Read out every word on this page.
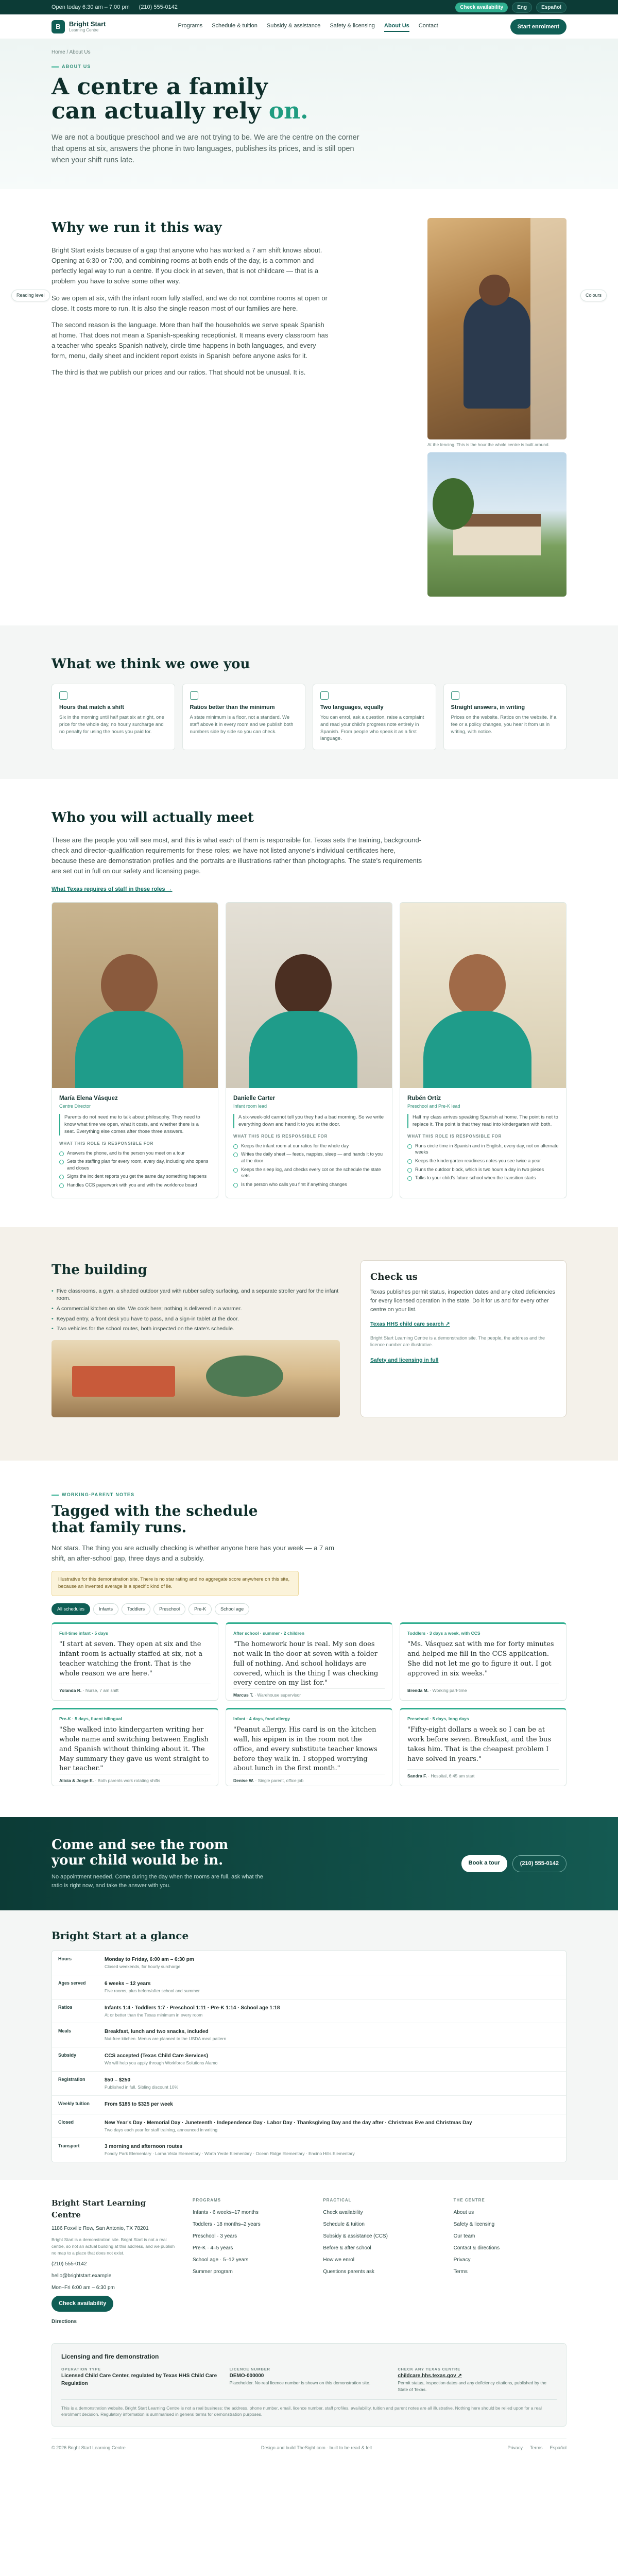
Open today 6:30 am – 7:00 pm (210) 555-0142	Check availability	Eng	Español
B	Bright Start
Learning Centre
Programs Schedule & tuition Subsidy & assistance Safety & licensing About Us Contact	Start enrolment
Home / About Us
ABOUT US
A centre a family
can actually rely on.

We are not a boutique preschool and we are not trying to be. We are the centre on the corner that opens at six, answers the phone in two languages, publishes its prices, and is still open when your shift runs late.

Reading level	Colours
Why we run it this way

Bright Start exists because of a gap that anyone who has worked a 7 am shift knows about. Opening at 6:30 or 7:00, and combining rooms at both ends of the day, is a common and perfectly legal way to run a centre. If you clock in at seven, that is not childcare — that is a problem you have to solve some other way.

So we open at six, with the infant room fully staffed, and we do not combine rooms at open or close. It costs more to run. It is also the single reason most of our families are here.

The second reason is the language. More than half the households we serve speak Spanish at home. That does not mean a Spanish-speaking receptionist. It means every classroom has a teacher who speaks Spanish natively, circle time happens in both languages, and every form, menu, daily sheet and incident report exists in Spanish before anyone asks for it.

The third is that we publish our prices and our ratios. That should not be unusual. It is.

At the fencing. This is the hour the whole centre is built around.
What we think we owe you
Hours that match a shift
Six in the morning until half past six at night, one price for the whole day, no hourly surcharge and no penalty for using the hours you paid for.
Ratios better than the minimum
A state minimum is a floor, not a standard. We staff above it in every room and we publish both numbers side by side so you can check.
Two languages, equally
You can enrol, ask a question, raise a complaint and read your child's progress note entirely in Spanish. From people who speak it as a first language.
Straight answers, in writing
Prices on the website. Ratios on the website. If a fee or a policy changes, you hear it from us in writing, with notice.
Who you will actually meet

These are the people you will see most, and this is what each of them is responsible for. Texas sets the training, background-check and director-qualification requirements for these roles; we have not listed anyone's individual certificates here, because these are demonstration profiles and the portraits are illustrations rather than photographs. The state's requirements are set out in full on our safety and licensing page.

What Texas requires of staff in these roles →
María Elena Vásquez
Centre Director
Parents do not need me to talk about philosophy. They need to know what time we open, what it costs, and whether there is a seat. Everything else comes after those three answers.
WHAT THIS ROLE IS RESPONSIBLE FOR
Answers the phone, and is the person you meet on a tour
Sets the staffing plan for every room, every day, including who opens and closes
Signs the incident reports you get the same day something happens
Handles CCS paperwork with you and with the workforce board
Danielle Carter
Infant room lead
A six-week-old cannot tell you they had a bad morning. So we write everything down and hand it to you at the door.
WHAT THIS ROLE IS RESPONSIBLE FOR
Keeps the infant room at our ratios for the whole day
Writes the daily sheet — feeds, nappies, sleep — and hands it to you at the door
Keeps the sleep log, and checks every cot on the schedule the state sets
Is the person who calls you first if anything changes
Rubén Ortiz
Preschool and Pre-K lead
Half my class arrives speaking Spanish at home. The point is not to replace it. The point is that they read into kindergarten with both.
WHAT THIS ROLE IS RESPONSIBLE FOR
Runs circle time in Spanish and in English, every day, not on alternate weeks
Keeps the kindergarten-readiness notes you see twice a year
Runs the outdoor block, which is two hours a day in two pieces
Talks to your child's future school when the transition starts
The building
• Five classrooms, a gym, a shaded outdoor yard with rubber safety surfacing, and a separate stroller yard for the infant room.
• A commercial kitchen on site. We cook here; nothing is delivered in a warmer.
• Keypad entry, a front desk you have to pass, and a sign-in tablet at the door.
• Two vehicles for the school routes, both inspected on the state's schedule.
Check us

Texas publishes permit status, inspection dates and any cited deficiencies for every licensed operation in the state. Do it for us and for every other centre on your list.

Texas HHS child care search ↗

Bright Start Learning Centre is a demonstration site. The people, the address and the licence number are illustrative.

Safety and licensing in full
WORKING-PARENT NOTES
Tagged with the schedule
that family runs.

Not stars. The thing you are actually checking is whether anyone here has your week — a 7 am shift, an after-school gap, three days and a subsidy.

Illustrative for this demonstration site. There is no star rating and no aggregate score anywhere on this site, because an invented average is a specific kind of lie.
All schedules	Infants	Toddlers	Preschool	Pre-K	School age
Full-time infant · 5 days
"I start at seven. They open at six and the infant room is actually staffed at six, not a teacher watching the front. That is the whole reason we are here."
Yolanda R. · Nurse, 7 am shift
After school · summer · 2 children
"The homework hour is real. My son does not walk in the door at seven with a folder full of nothing. And school holidays are covered, which is the thing I was checking every centre on my list for."
Marcus T. · Warehouse supervisor
Toddlers · 3 days a week, with CCS
"Ms. Vásquez sat with me for forty minutes and helped me fill in the CCS application. She did not let me go to figure it out. I got approved in six weeks."
Brenda M. · Working part-time
Pre-K · 5 days, fluent bilingual
"She walked into kindergarten writing her whole name and switching between English and Spanish without thinking about it. The May summary they gave us went straight to her teacher."
Alicia & Jorge E. · Both parents work rotating shifts
Infant · 4 days, food allergy
"Peanut allergy. His card is on the kitchen wall, his epipen is in the room not the office, and every substitute teacher knows before they walk in. I stopped worrying about lunch in the first month."
Denise W. · Single parent, office job
Preschool · 5 days, long days
"Fifty-eight dollars a week so I can be at work before seven. Breakfast, and the bus takes him. That is the cheapest problem I have solved in years."
Sandra F. · Hospital, 6:45 am start
Come and see the room
your child would be in.

No appointment needed. Come during the day when the rooms are full, ask what the ratio is right now, and take the answer with you.

Book a tour	(210) 555-0142
Bright Start at a glance
Hours	Monday to Friday, 6:00 am – 6:30 pm
Closed weekends, for hourly surcharge
Ages served	6 weeks – 12 years
Five rooms, plus before/after school and summer
Ratios	Infants 1:4 · Toddlers 1:7 · Preschool 1:11 · Pre-K 1:14 · School age 1:18
At or better than the Texas minimum in every room
Meals	Breakfast, lunch and two snacks, included
Nut-free kitchen. Menus are planned to the USDA meal pattern
Subsidy	CCS accepted (Texas Child Care Services)
We will help you apply through Workforce Solutions Alamo
Registration	$50 – $250
Published in full. Sibling discount 10%
Weekly tuition	From $185 to $325 per week
Closed	New Year's Day · Memorial Day · Juneteenth · Independence Day · Labor Day · Thanksgiving Day and the day after · Christmas Eve and Christmas Day
Two days each year for staff training, announced in writing
Transport	3 morning and afternoon routes
Fondly Park Elementary · Lorna Vista Elementary · Worth Yerde Elementary · Ocean Ridge Elementary · Encino Hills Elementary
Bright Start Learning Centre
1186 Foxville Row, San Antonio, TX 78201
Bright Start is a demonstration site. Bright Start is not a real centre, so not an actual building at this address, and we publish no map to a place that does not exist.
(210) 555-0142
hello@brightstart.example
Mon–Fri 6:00 am – 6:30 pm
Check availability
Directions
PROGRAMS
Infants · 6 weeks–17 months
Toddlers · 18 months–2 years
Preschool · 3 years
Pre-K · 4–5 years
School age · 5–12 years
Summer program
PRACTICAL
Check availability
Schedule & tuition
Subsidy & assistance (CCS)
Before & after school
How we enrol
Questions parents ask
THE CENTRE
About us
Safety & licensing
Our team
Contact & directions
Privacy
Terms
Licensing and fire demonstration
OPERATION TYPE
Licensed Child Care Center, regulated by Texas HHS Child Care Regulation
LICENCE NUMBER
DEMO-000000
Placeholder. No real licence number is shown on this demonstration site.
CHECK ANY TEXAS CENTRE
childcare.hhs.texas.gov ↗
Permit status, inspection dates and any deficiency citations, published by the State of Texas.
This is a demonstration website. Bright Start Learning Centre is not a real business: the address, phone number, email, licence number, staff profiles, availability, tuition and parent notes are all illustrative. Nothing here should be relied upon for a real enrolment decision. Regulatory information is summarised in general terms for demonstration purposes.
© 2026 Bright Start Learning Centre	Design and build TheSight.com · built to be read & felt	Privacy Terms Español
